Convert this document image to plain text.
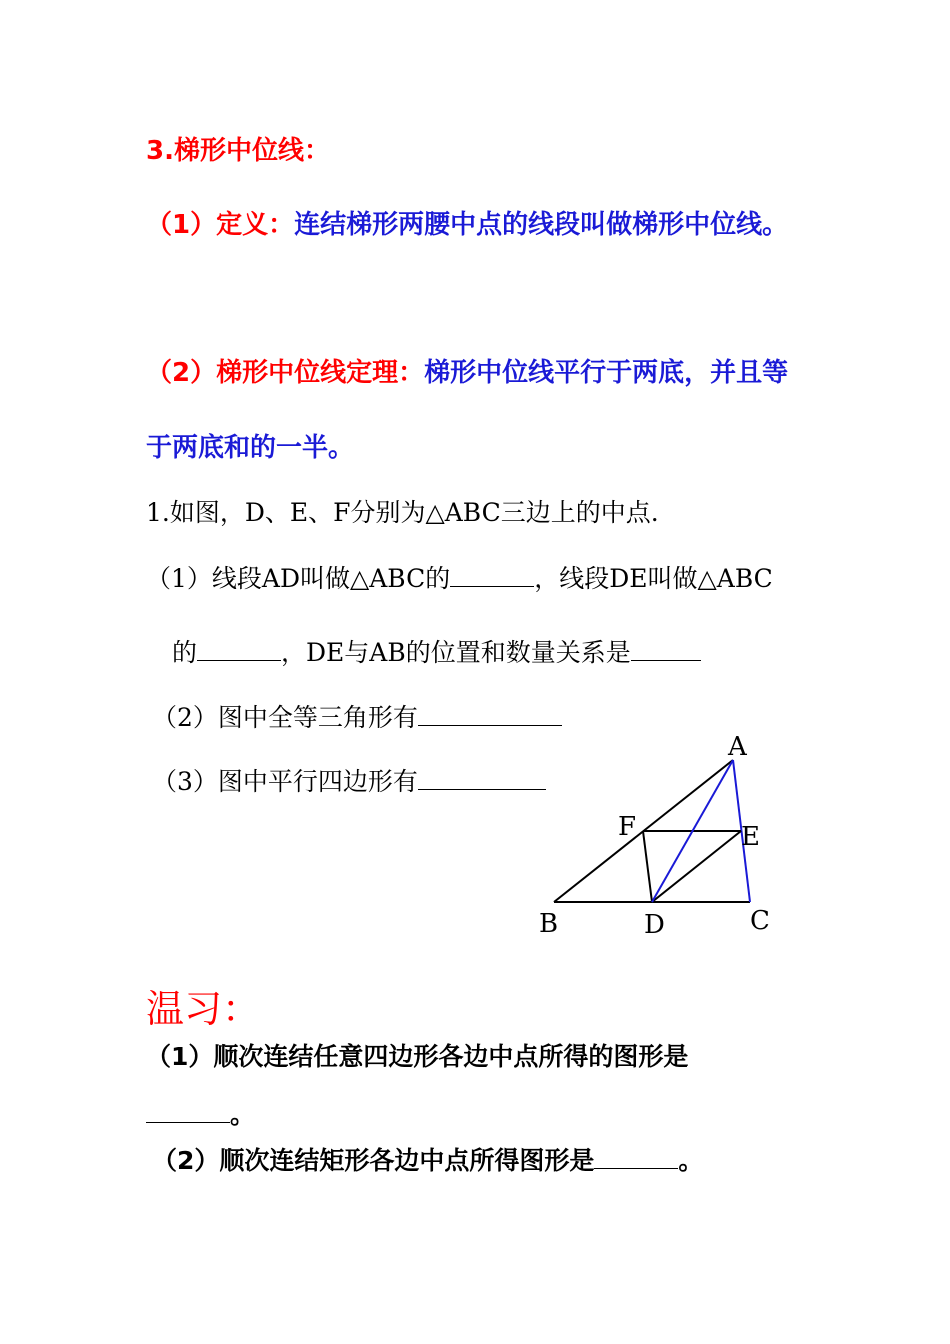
3.梯形中位线：
（1）定义：连结梯形两腰中点的线段叫做梯形中位线。
（2）梯形中位线定理：梯形中位线平行于两底，并且等
于两底和的一半。
1.如图，D、E、F分别为△ABC三边上的中点.
（1）线段AD叫做△ABC的	，线段DE叫做△ABC
的	，DE与AB的位置和数量关系是
（2）图中全等三角形有
（3）图中平行四边形有
A
B	C
D
E
F
温习：
（1）顺次连结任意四边形各边中点所得的图形是
。
（2）顺次连结矩形各边中点所得图形是	。
